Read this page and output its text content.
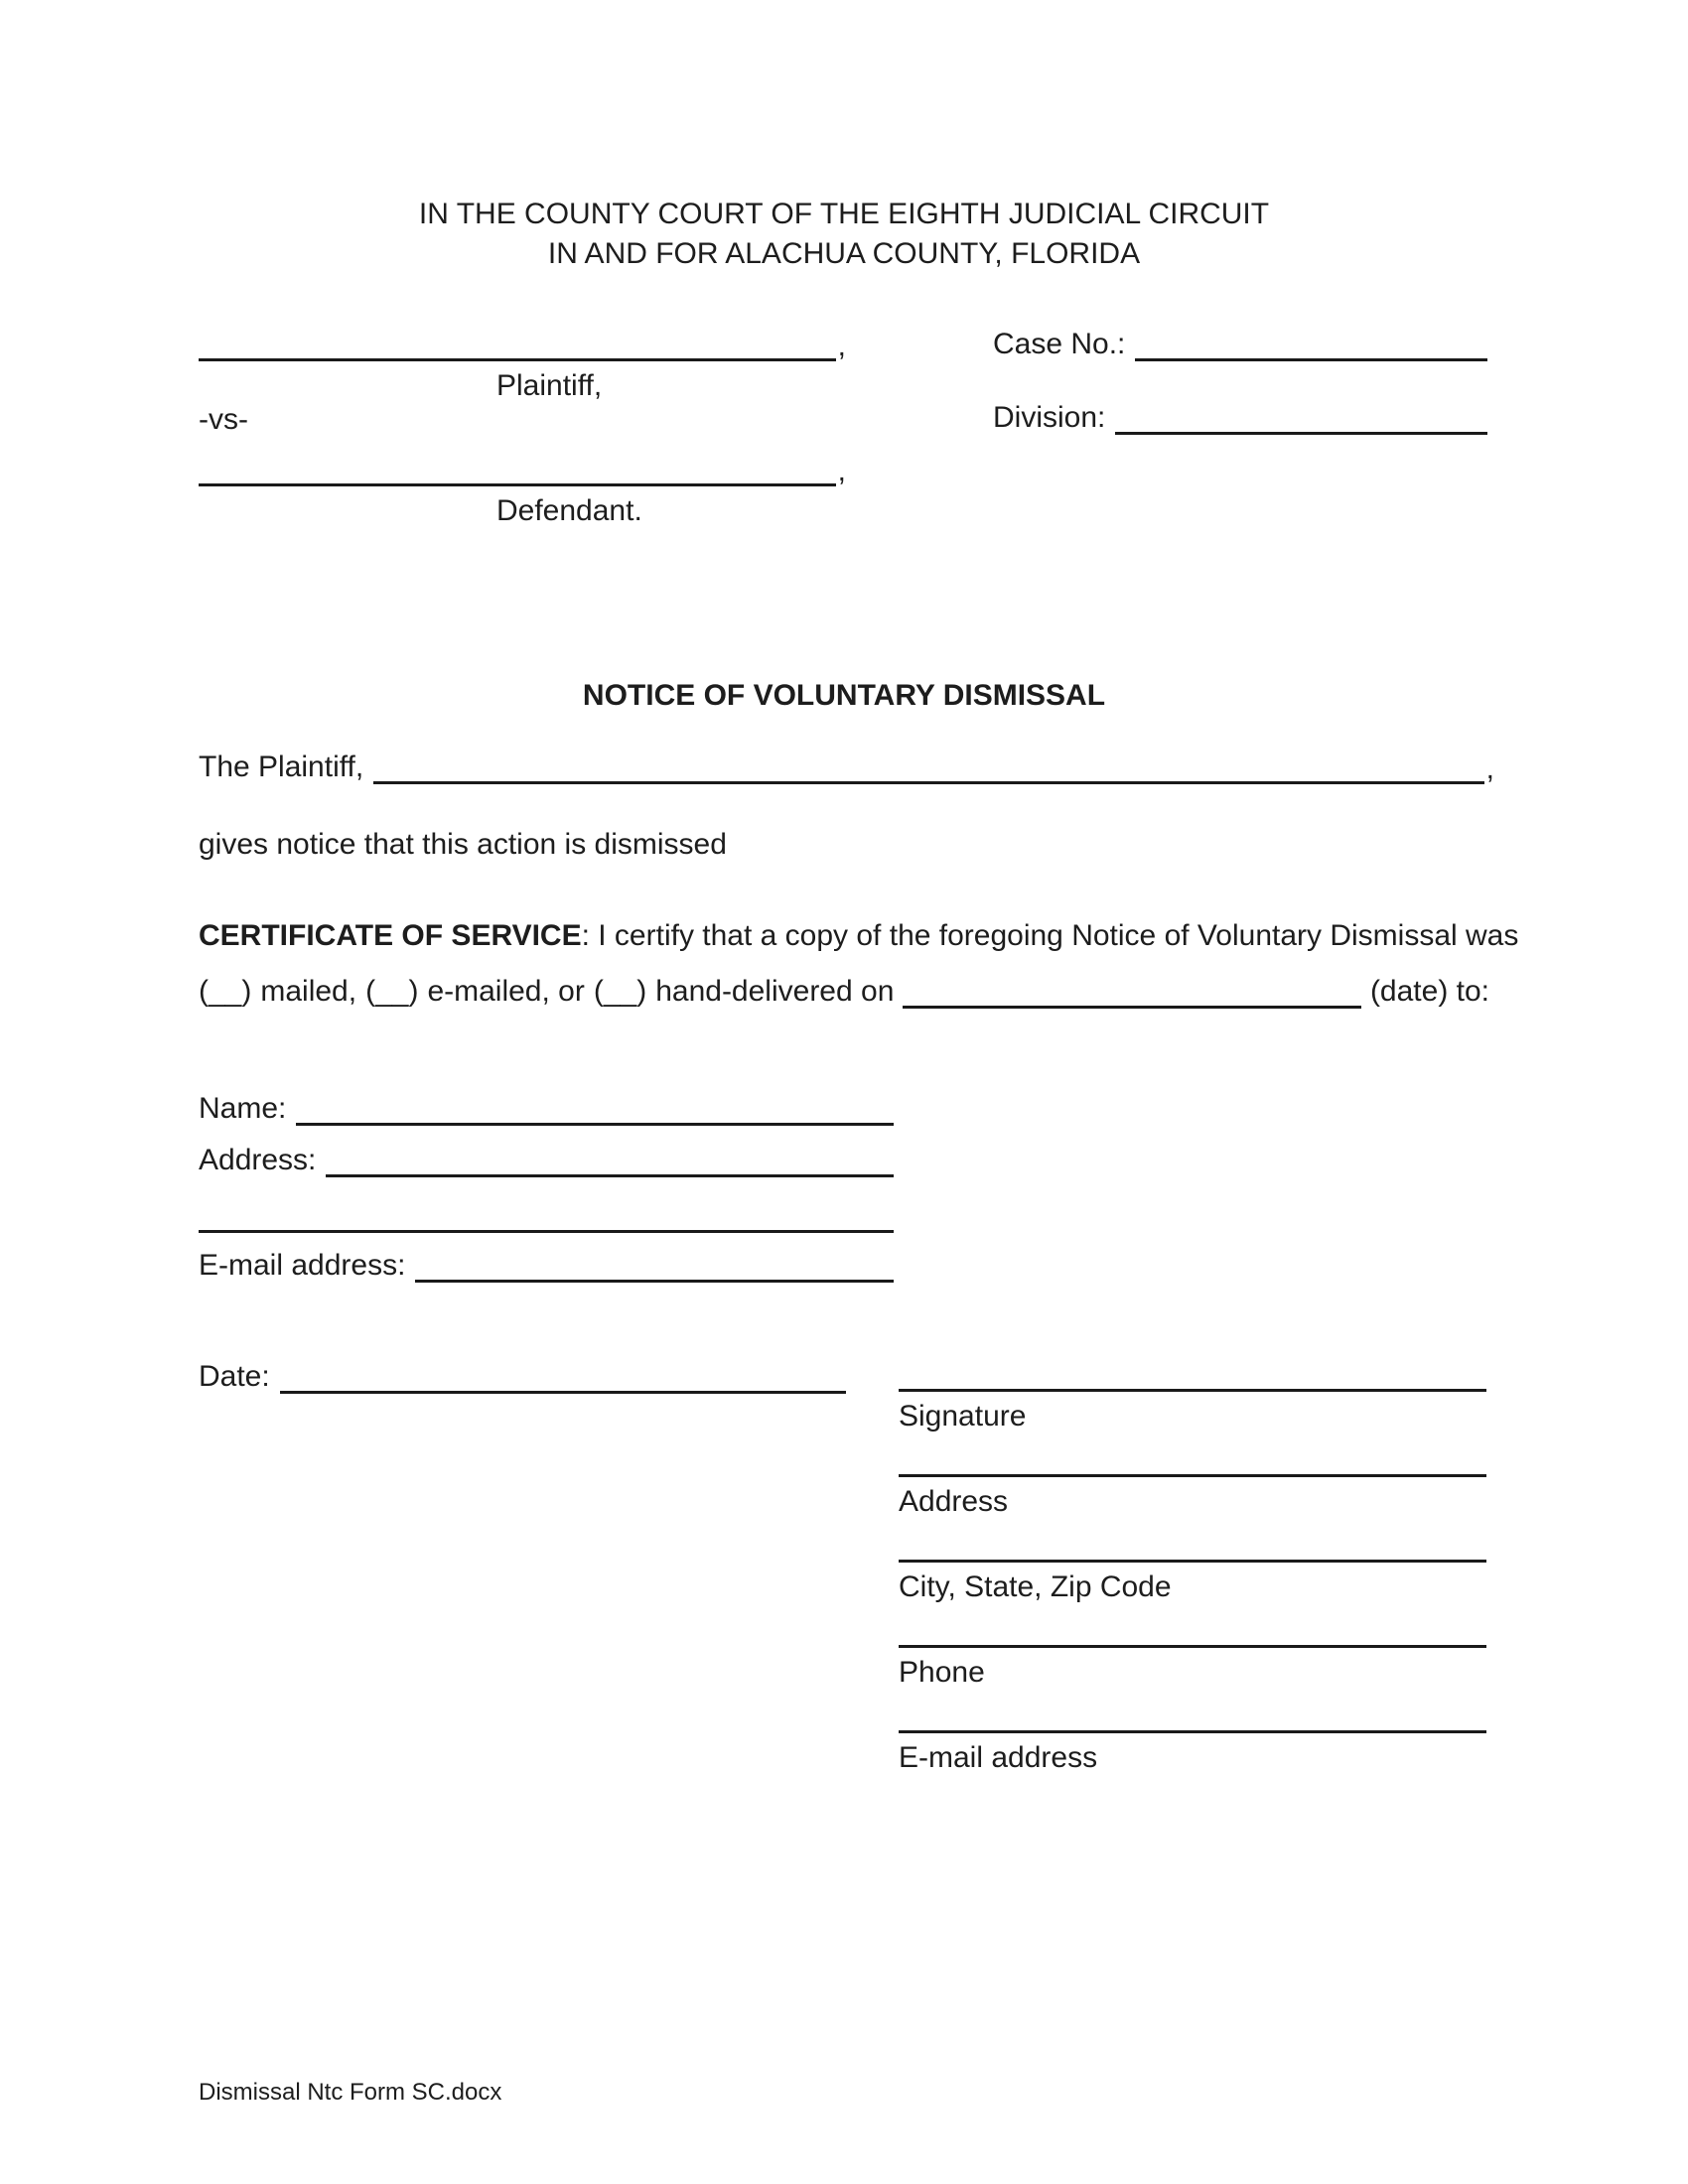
IN THE COUNTY COURT OF THE EIGHTH JUDICIAL CIRCUIT
IN AND FOR ALACHUA COUNTY, FLORIDA
,
Plaintiff,
-vs-
,
Defendant.
Case No.:
Division:
NOTICE OF VOLUNTARY DISMISSAL
The Plaintiff,	,
gives notice that this action is dismissed
CERTIFICATE OF SERVICE: I certify that a copy of the foregoing Notice of Voluntary Dismissal was
(__) mailed, (__) e-mailed, or (__) hand-delivered on	(date) to:
Name:
Address:
E-mail address:
Date:
Signature
Address
City, State, Zip Code
Phone
E-mail address
Dismissal Ntc Form SC.docx
